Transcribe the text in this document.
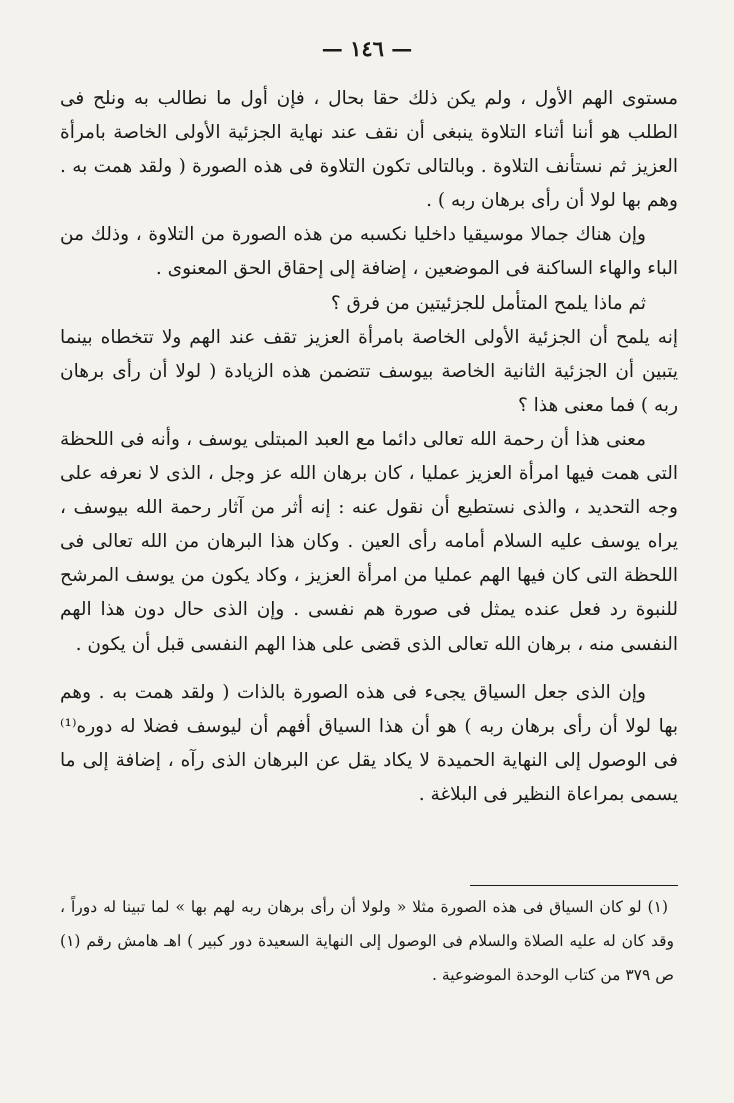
— ١٤٦ —

مستوى الهم الأول ، ولم يكن ذلك حقا بحال ، فإن أول ما نطالب به ونلح فى الطلب هو أننا أثناء التلاوة ينبغى أن نقف عند نهاية الجزئية الأولى الخاصة بامرأة العزيز ثم نستأنف التلاوة . وبالتالى تكون التلاوة فى هذه الصورة ( ولقد همت به . وهم بها لولا أن رأى برهان ربه ) .

وإن هناك جمالا موسيقيا داخليا نكسبه من هذه الصورة من التلاوة ، وذلك من الباء والهاء الساكنة فى الموضعين ، إضافة إلى إحقاق الحق المعنوى .

ثم ماذا يلمح المتأمل للجزئيتين من فرق ؟

إنه يلمح أن الجزئية الأولى الخاصة بامرأة العزيز تقف عند الهم ولا تتخطاه بينما يتبين أن الجزئية الثانية الخاصة بيوسف تتضمن هذه الزيادة ( لولا أن رأى برهان ربه ) فما معنى هذا ؟

معنى هذا أن رحمة الله تعالى دائما مع العبد المبتلى يوسف ، وأنه فى اللحظة التى همت فيها امرأة العزيز عمليا ، كان برهان الله عز وجل ، الذى لا نعرفه على وجه التحديد ، والذى نستطيع أن نقول عنه : إنه أثر من آثار رحمة الله بيوسف ، يراه يوسف عليه السلام أمامه رأى العين . وكان هذا البرهان من الله تعالى فى اللحظة التى كان فيها الهم عمليا من امرأة العزيز ، وكاد يكون من يوسف المرشح للنبوة رد فعل عنده يمثل فى صورة هم نفسى . وإن الذى حال دون هذا الهم النفسى منه ، برهان الله تعالى الذى قضى على هذا الهم النفسى قبل أن يكون .

وإن الذى جعل السياق يجىء فى هذه الصورة بالذات ( ولقد همت به . وهم بها لولا أن رأى برهان ربه ) هو أن هذا السياق أفهم أن ليوسف فضلا له دوره⁽¹⁾ فى الوصول إلى النهاية الحميدة لا يكاد يقل عن البرهان الذى رآه ، إضافة إلى ما يسمى بمراعاة النظير فى البلاغة .

(١) لو كان السياق فى هذه الصورة مثلا « ولولا أن رأى برهان ربه لهم بها » لما تبينا له دوراً ، وقد كان له عليه الصلاة والسلام فى الوصول إلى النهاية السعيدة دور كبير ) اهـ هامش رقم (١) ص ٣٧٩ من كتاب الوحدة الموضوعية .
